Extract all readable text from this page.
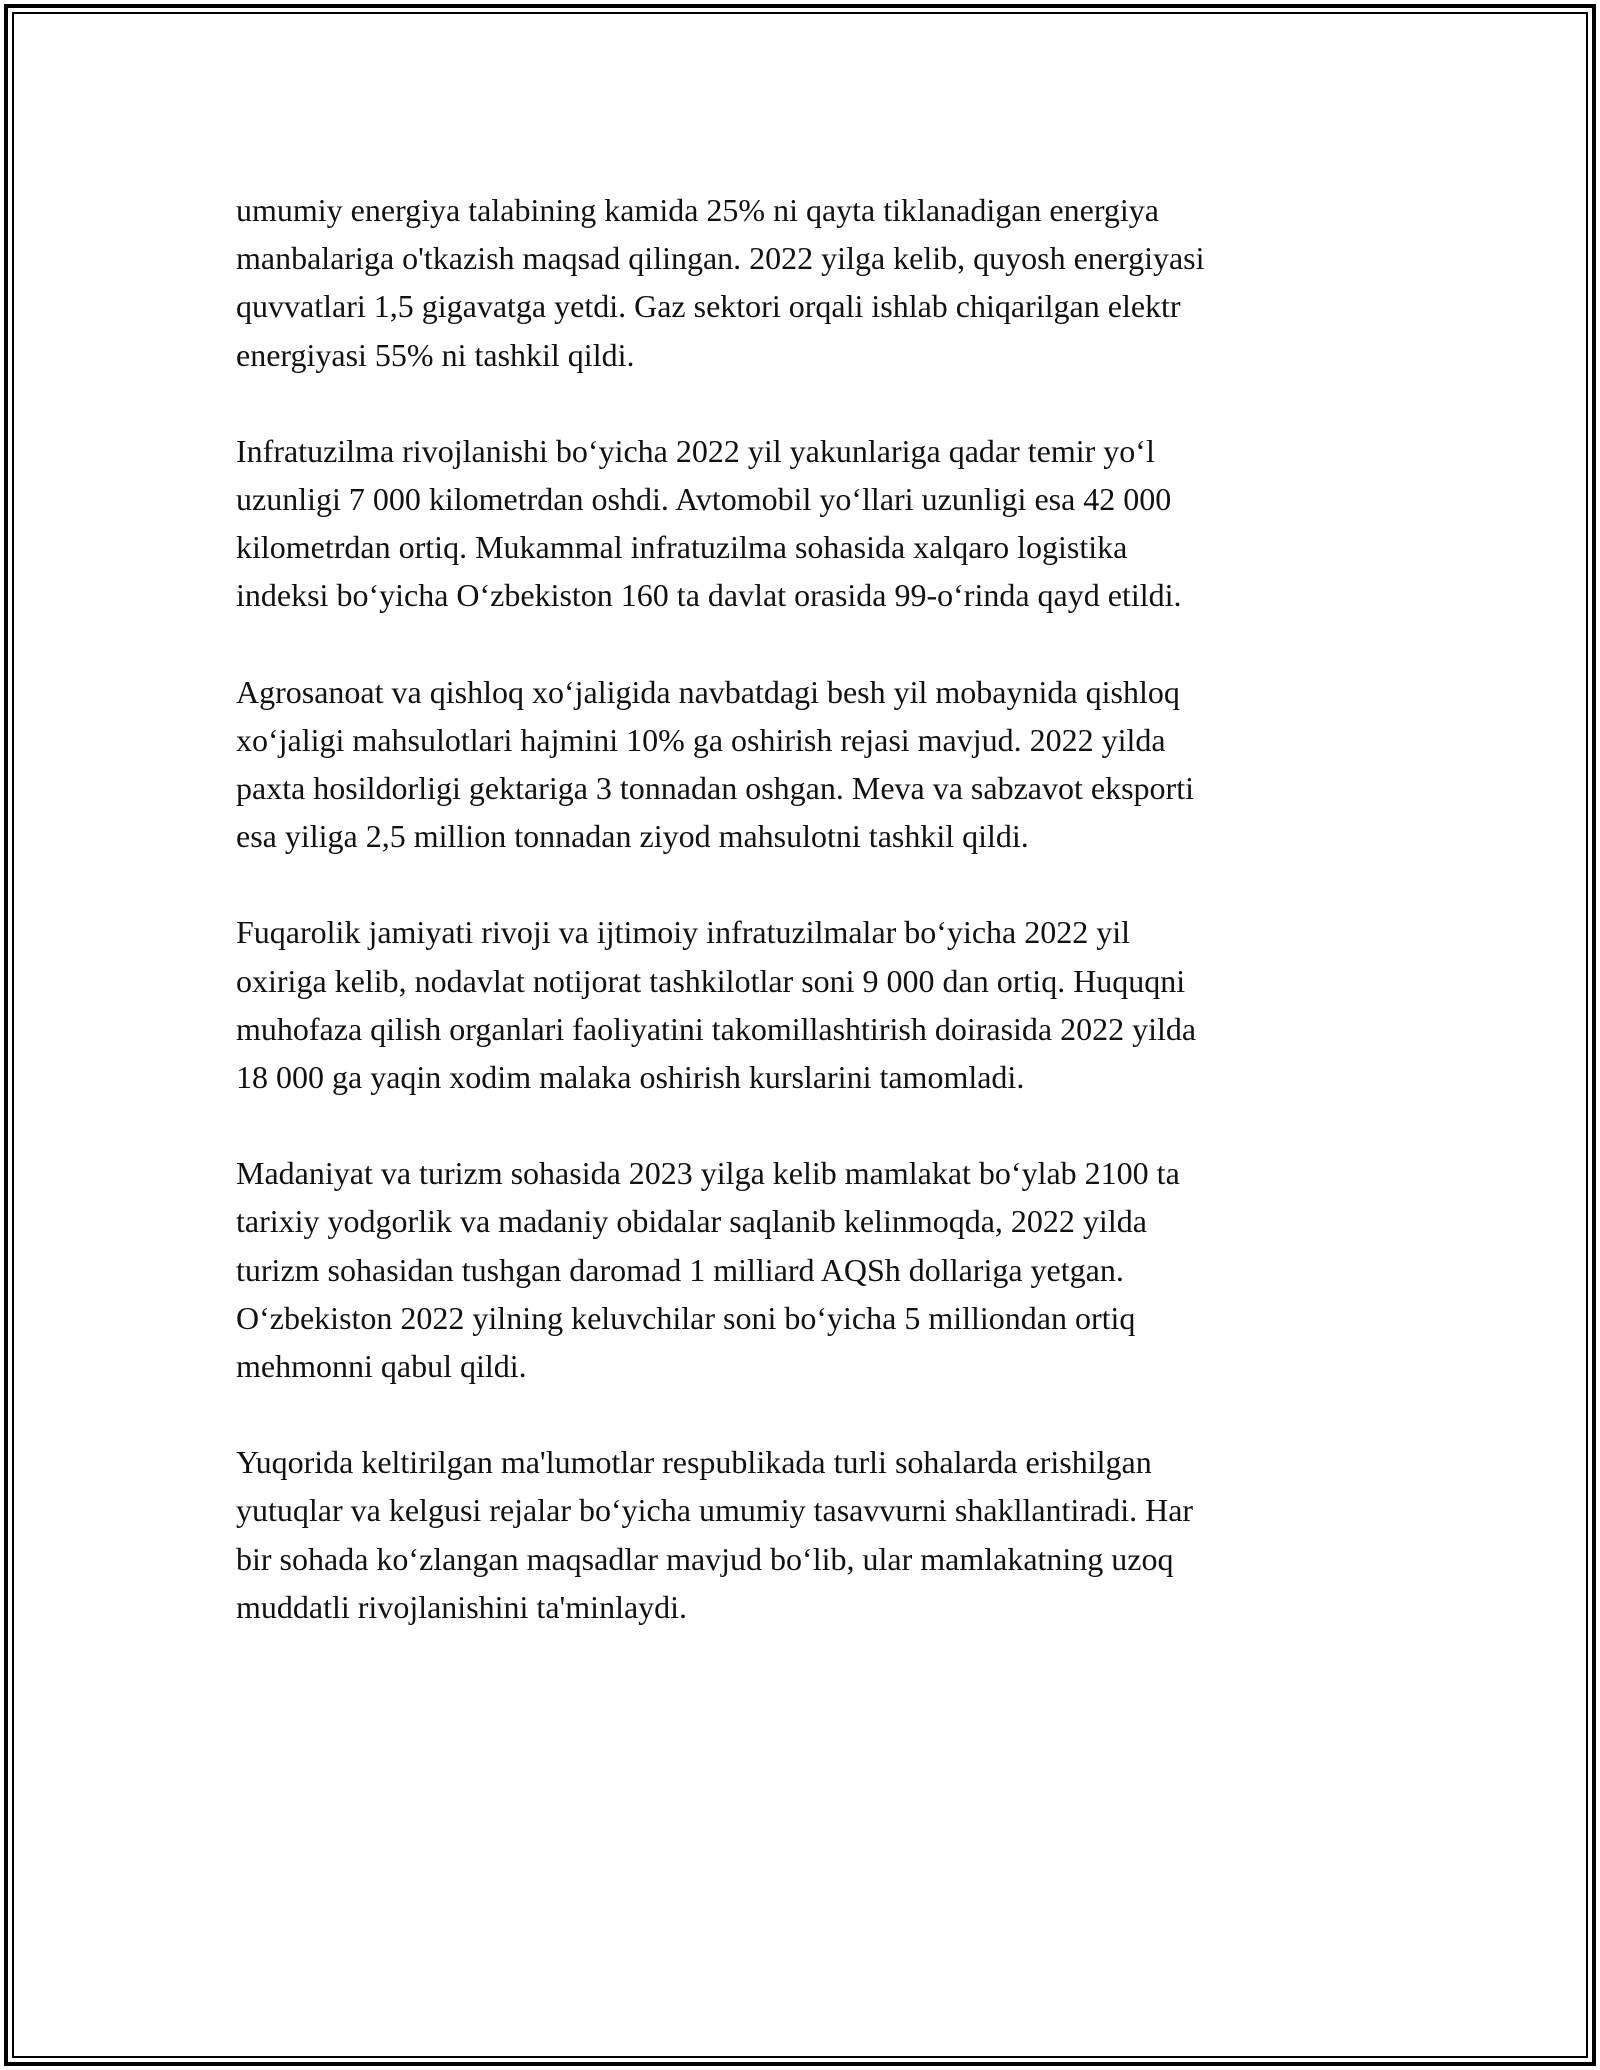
umumiy energiya talabining kamida 25% ni qayta tiklanadigan energiya
manbalariga o'tkazish maqsad qilingan. 2022 yilga kelib, quyosh energiyasi
quvvatlari 1,5 gigavatga yetdi. Gaz sektori orqali ishlab chiqarilgan elektr
energiyasi 55% ni tashkil qildi.

Infratuzilma rivojlanishi bo‘yicha 2022 yil yakunlariga qadar temir yo‘l
uzunligi 7 000 kilometrdan oshdi. Avtomobil yo‘llari uzunligi esa 42 000
kilometrdan ortiq. Mukammal infratuzilma sohasida xalqaro logistika
indeksi bo‘yicha O‘zbekiston 160 ta davlat orasida 99-o‘rinda qayd etildi.

Agrosanoat va qishloq xo‘jaligida navbatdagi besh yil mobaynida qishloq
xo‘jaligi mahsulotlari hajmini 10% ga oshirish rejasi mavjud. 2022 yilda
paxta hosildorligi gektariga 3 tonnadan oshgan. Meva va sabzavot eksporti
esa yiliga 2,5 million tonnadan ziyod mahsulotni tashkil qildi.

Fuqarolik jamiyati rivoji va ijtimoiy infratuzilmalar bo‘yicha 2022 yil
oxiriga kelib, nodavlat notijorat tashkilotlar soni 9 000 dan ortiq. Huquqni
muhofaza qilish organlari faoliyatini takomillashtirish doirasida 2022 yilda
18 000 ga yaqin xodim malaka oshirish kurslarini tamomladi.

Madaniyat va turizm sohasida 2023 yilga kelib mamlakat bo‘ylab 2100 ta
tarixiy yodgorlik va madaniy obidalar saqlanib kelinmoqda, 2022 yilda
turizm sohasidan tushgan daromad 1 milliard AQSh dollariga yetgan.
O‘zbekiston 2022 yilning keluvchilar soni bo‘yicha 5 milliondan ortiq
mehmonni qabul qildi.

Yuqorida keltirilgan ma'lumotlar respublikada turli sohalarda erishilgan
yutuqlar va kelgusi rejalar bo‘yicha umumiy tasavvurni shakllantiradi. Har
bir sohada ko‘zlangan maqsadlar mavjud bo‘lib, ular mamlakatning uzoq
muddatli rivojlanishini ta'minlaydi.
